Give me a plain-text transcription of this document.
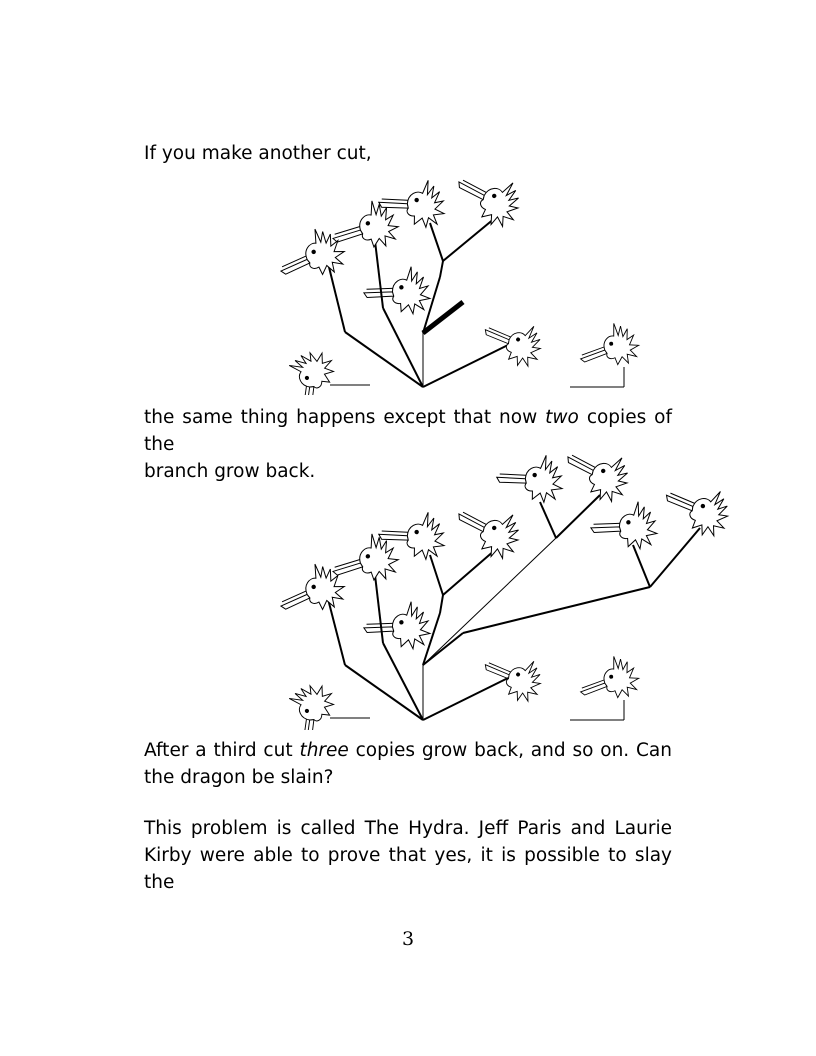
If you make another cut,
the same thing happens except that now two copies of the
branch grow back.
After a third cut three copies grow back, and so on. Can
the dragon be slain?
This problem is called The Hydra. Jeff Paris and Laurie
Kirby were able to prove that yes, it is possible to slay the
3
